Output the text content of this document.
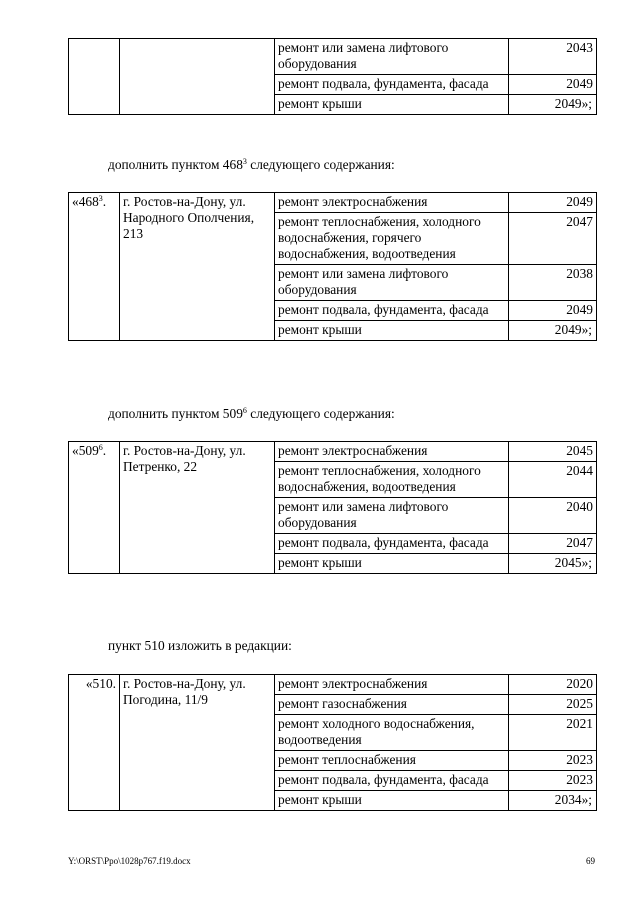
		ремонт или замена лифтового оборудования	2043
		ремонт подвала, фундамента, фасада	2049
		ремонт крыши	2049»;
дополнить пунктом $468^3$ следующего содержания:
«$468^3$.	г. Ростов-на-Дону, ул. Народного Ополчения, 213	ремонт электроснабжения	2049
		ремонт теплоснабжения, холодного водоснабжения, горячего водоснабжения, водоотведения	2047
		ремонт или замена лифтового оборудования	2038
		ремонт подвала, фундамента, фасада	2049
		ремонт крыши	2049»;
дополнить пунктом $509^6$ следующего содержания:
«$509^6$.	г. Ростов-на-Дону, ул. Петренко, 22	ремонт электроснабжения	2045
		ремонт теплоснабжения, холодного водоснабжения, водоотведения	2044
		ремонт или замена лифтового оборудования	2040
		ремонт подвала, фундамента, фасада	2047
		ремонт крыши	2045»;
пункт 510 изложить в редакции:
«510.	г. Ростов-на-Дону, ул. Погодина, 11/9	ремонт электроснабжения	2020
		ремонт газоснабжения	2025
		ремонт холодного водоснабжения, водоотведения	2021
		ремонт теплоснабжения	2023
		ремонт подвала, фундамента, фасада	2023
		ремонт крыши	2034»;
Y:\ORST\Ppo\1028p767.f19.docx	69
